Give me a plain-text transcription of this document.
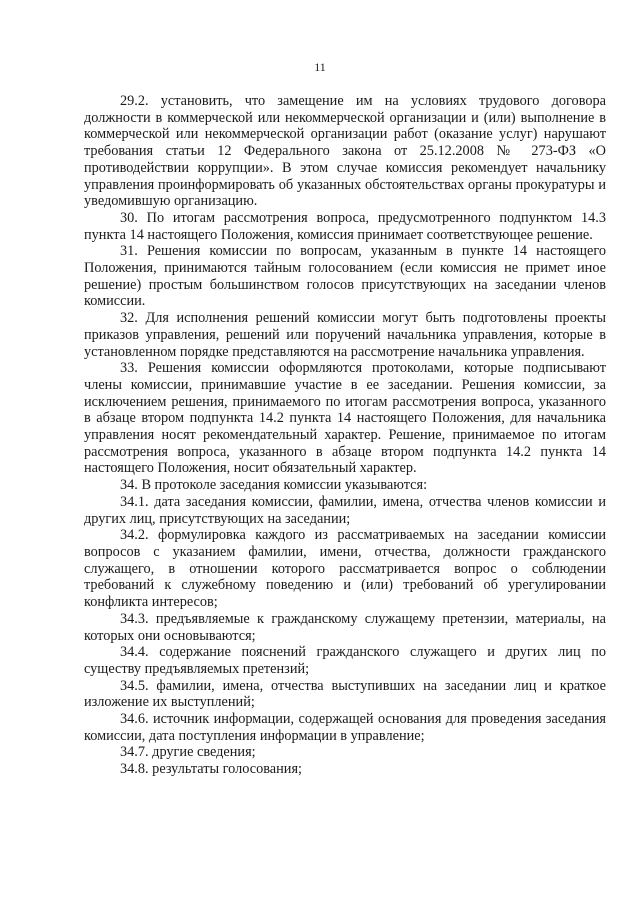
11

29.2. установить, что замещение им на условиях трудового договора должности в коммерческой или некоммерческой организации и (или) выполнение в коммерческой или некоммерческой организации работ (оказание услуг) нарушают требования статьи 12 Федерального закона от 25.12.2008 № 273-ФЗ «О противодействии коррупции». В этом случае комиссия рекомендует начальнику управления проинформировать об указанных обстоятельствах органы прокуратуры и уведомившую организацию.

30. По итогам рассмотрения вопроса, предусмотренного подпунктом 14.3 пункта 14 настоящего Положения, комиссия принимает соответствующее решение.

31. Решения комиссии по вопросам, указанным в пункте 14 настоящего Положения, принимаются тайным голосованием (если комиссия не примет иное решение) простым большинством голосов присутствующих на заседании членов комиссии.

32. Для исполнения решений комиссии могут быть подготовлены проекты приказов управления, решений или поручений начальника управления, которые в установленном порядке представляются на рассмотрение начальника управления.

33. Решения комиссии оформляются протоколами, которые подписывают члены комиссии, принимавшие участие в ее заседании. Решения комиссии, за исключением решения, принимаемого по итогам рассмотрения вопроса, указанного в абзаце втором подпункта 14.2 пункта 14 настоящего Положения, для начальника управления носят рекомендательный характер. Решение, принимаемое по итогам рассмотрения вопроса, указанного в абзаце втором подпункта 14.2 пункта 14 настоящего Положения, носит обязательный характер.

34. В протоколе заседания комиссии указываются:

34.1. дата заседания комиссии, фамилии, имена, отчества членов комиссии и других лиц, присутствующих на заседании;

34.2. формулировка каждого из рассматриваемых на заседании комиссии вопросов с указанием фамилии, имени, отчества, должности гражданского служащего, в отношении которого рассматривается вопрос о соблюдении требований к служебному поведению и (или) требований об урегулировании конфликта интересов;

34.3. предъявляемые к гражданскому служащему претензии, материалы, на которых они основываются;

34.4. содержание пояснений гражданского служащего и других лиц по существу предъявляемых претензий;

34.5. фамилии, имена, отчества выступивших на заседании лиц и краткое изложение их выступлений;

34.6. источник информации, содержащей основания для проведения заседания комиссии, дата поступления информации в управление;

34.7. другие сведения;

34.8. результаты голосования;
